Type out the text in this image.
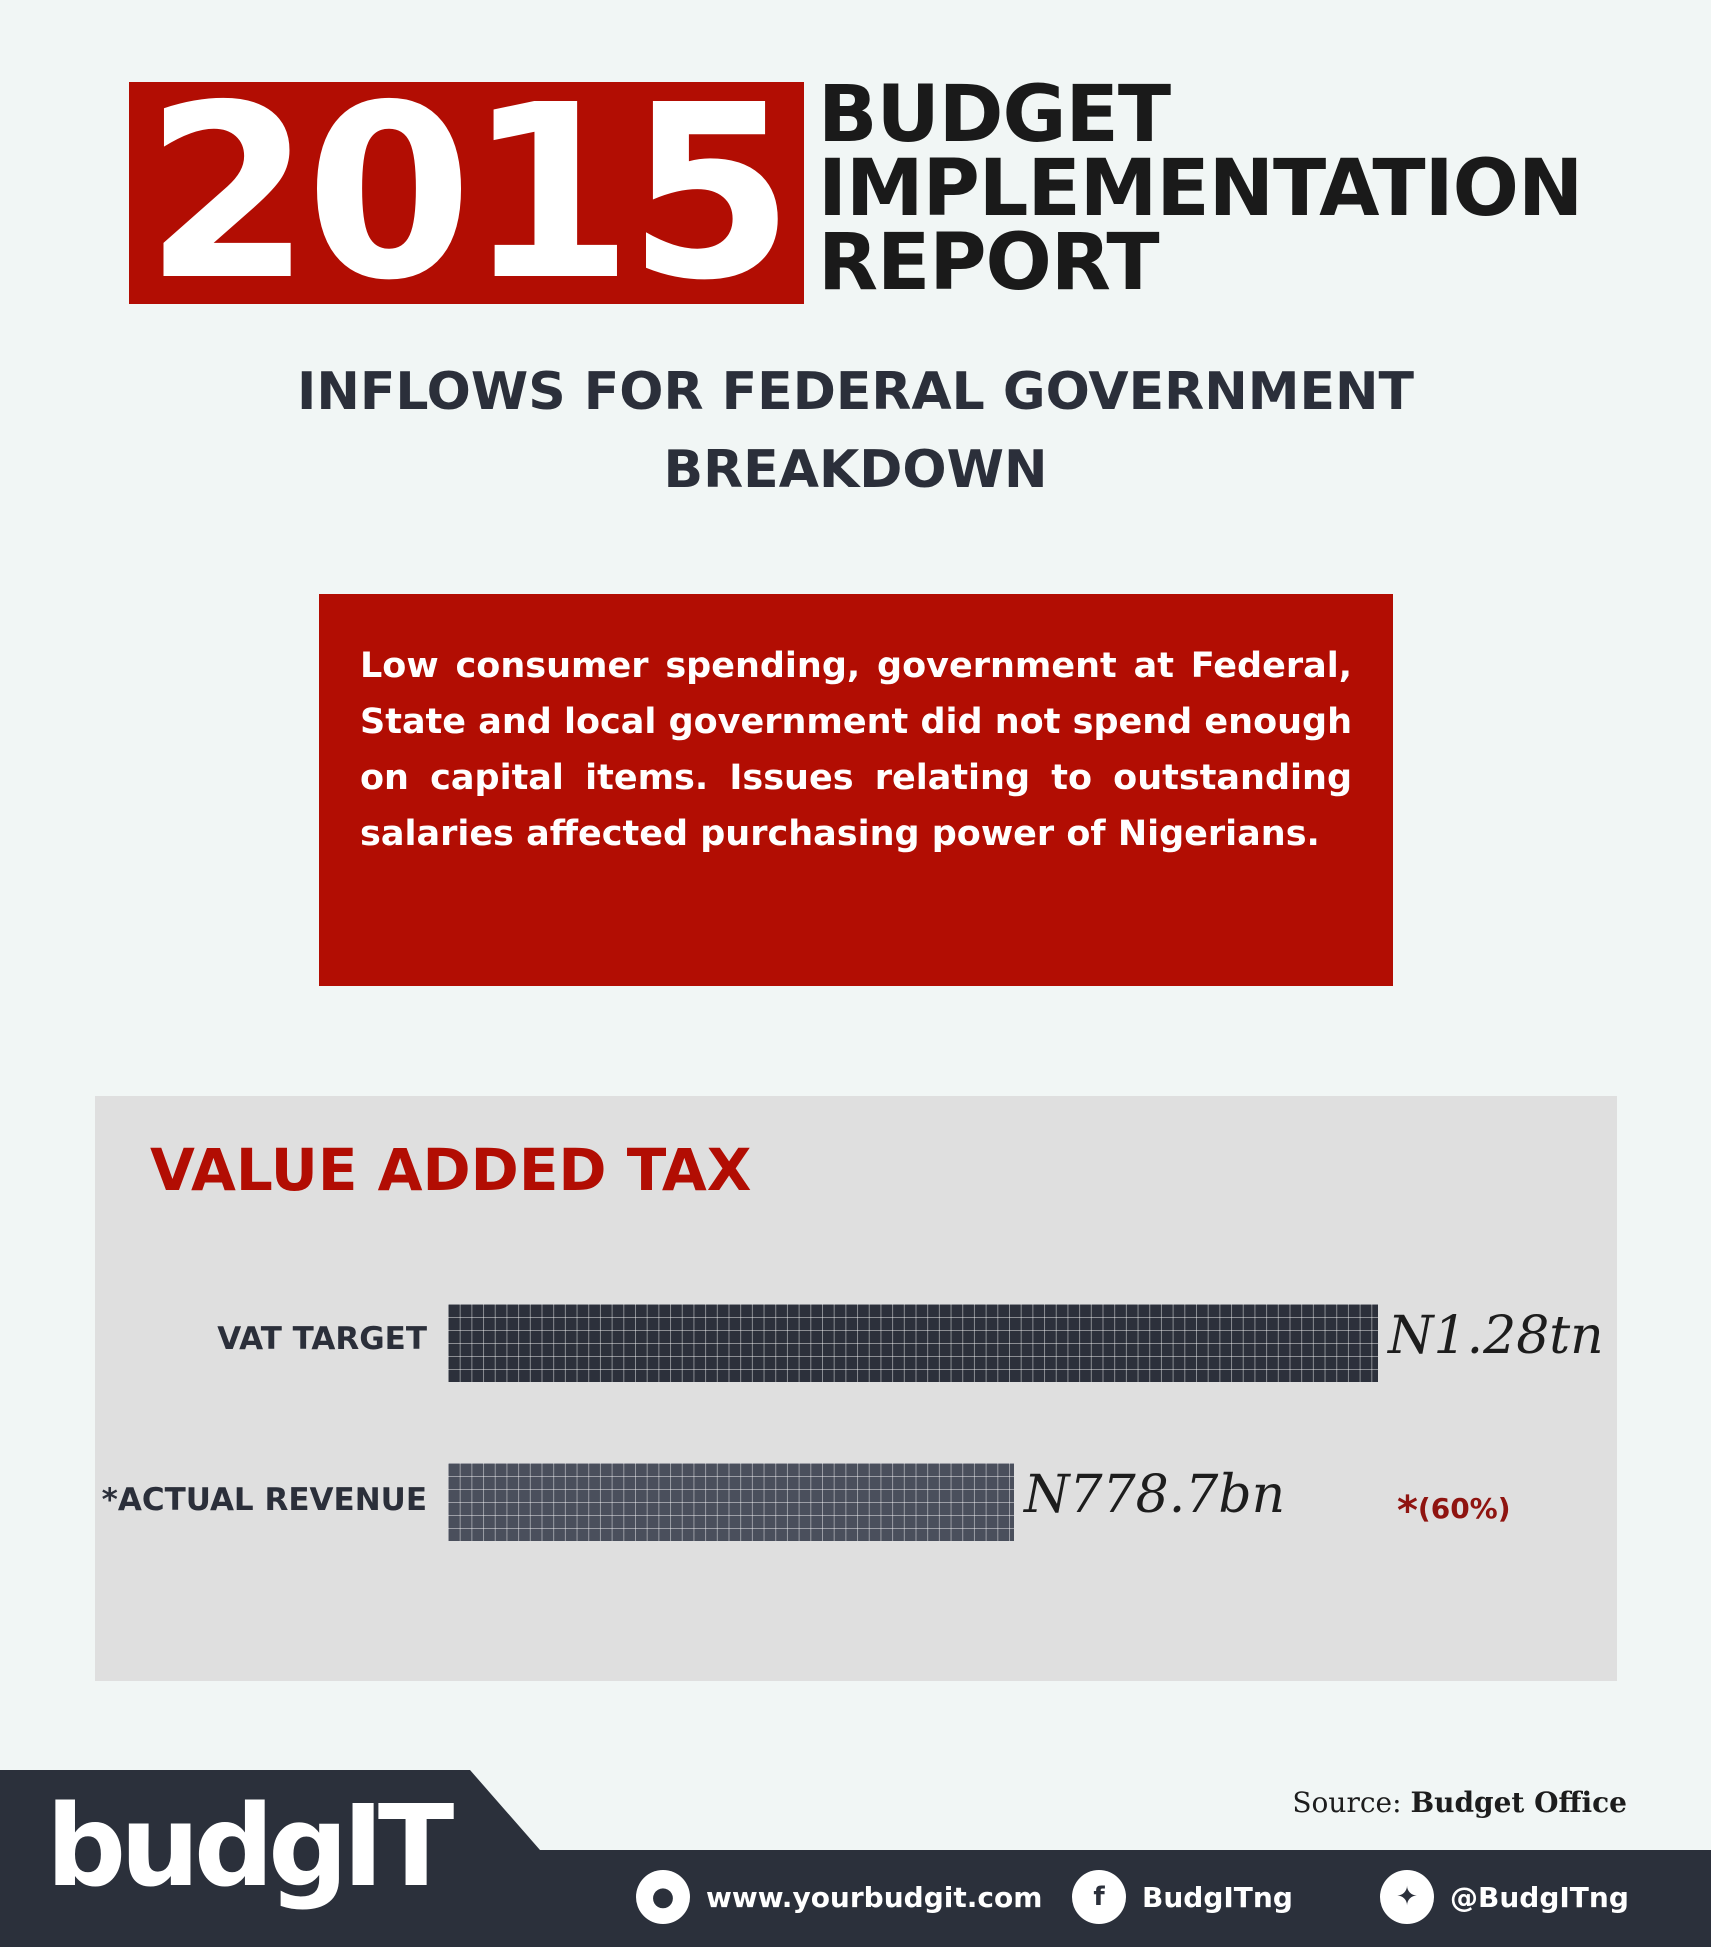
2015 BUDGET
IMPLEMENTATION
REPORT
INFLOWS FOR FEDERAL GOVERNMENT
BREAKDOWN
Low consumer spending, government at Federal, State and local government did not spend enough on capital items. Issues relating to outstanding salaries affected purchasing power of Nigerians.
VALUE ADDED TAX
VAT TARGET	N1.28tn
*ACTUAL REVENUE	N778.7bn	*(60%)
Source: Budget Office
budgIT	●	www.yourbudgit.com	f	BudgITng	✦	@BudgITng
